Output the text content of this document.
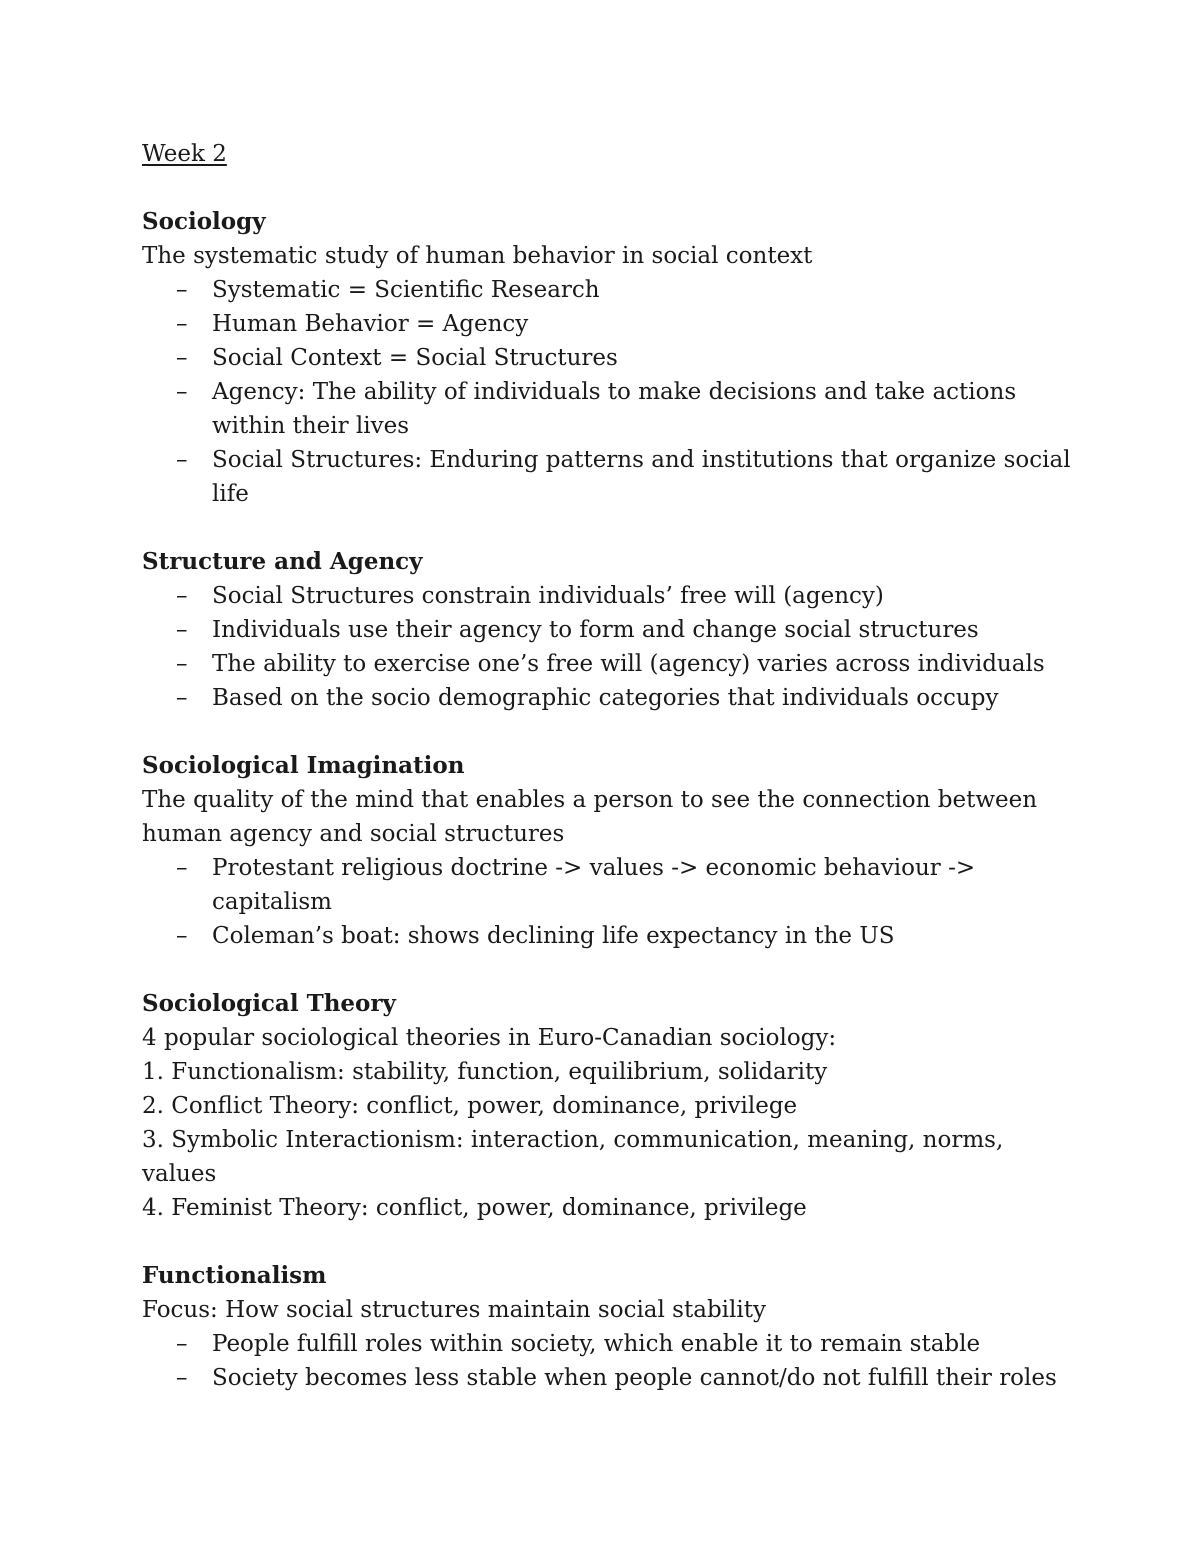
Week 2
Sociology

The systematic study of human behavior in social context

– Systematic = Scientific Research
– Human Behavior = Agency
– Social Context = Social Structures
– Agency: The ability of individuals to make decisions and take actions within their lives
– Social Structures: Enduring patterns and institutions that organize social life
Structure and Agency
– Social Structures constrain individuals’ free will (agency)
– Individuals use their agency to form and change social structures
– The ability to exercise one’s free will (agency) varies across individuals
– Based on the socio demographic categories that individuals occupy
Sociological Imagination

The quality of the mind that enables a person to see the connection between human agency and social structures

– Protestant religious doctrine -> values -> economic behaviour -> capitalism
– Coleman’s boat: shows declining life expectancy in the US
Sociological Theory

4 popular sociological theories in Euro-Canadian sociology:

1. Functionalism: stability, function, equilibrium, solidarity

2. Conflict Theory: conflict, power, dominance, privilege

3. Symbolic Interactionism: interaction, communication, meaning, norms, values

4. Feminist Theory: conflict, power, dominance, privilege

Functionalism

Focus: How social structures maintain social stability

– People fulfill roles within society, which enable it to remain stable
– Society becomes less stable when people cannot/do not fulfill their roles
